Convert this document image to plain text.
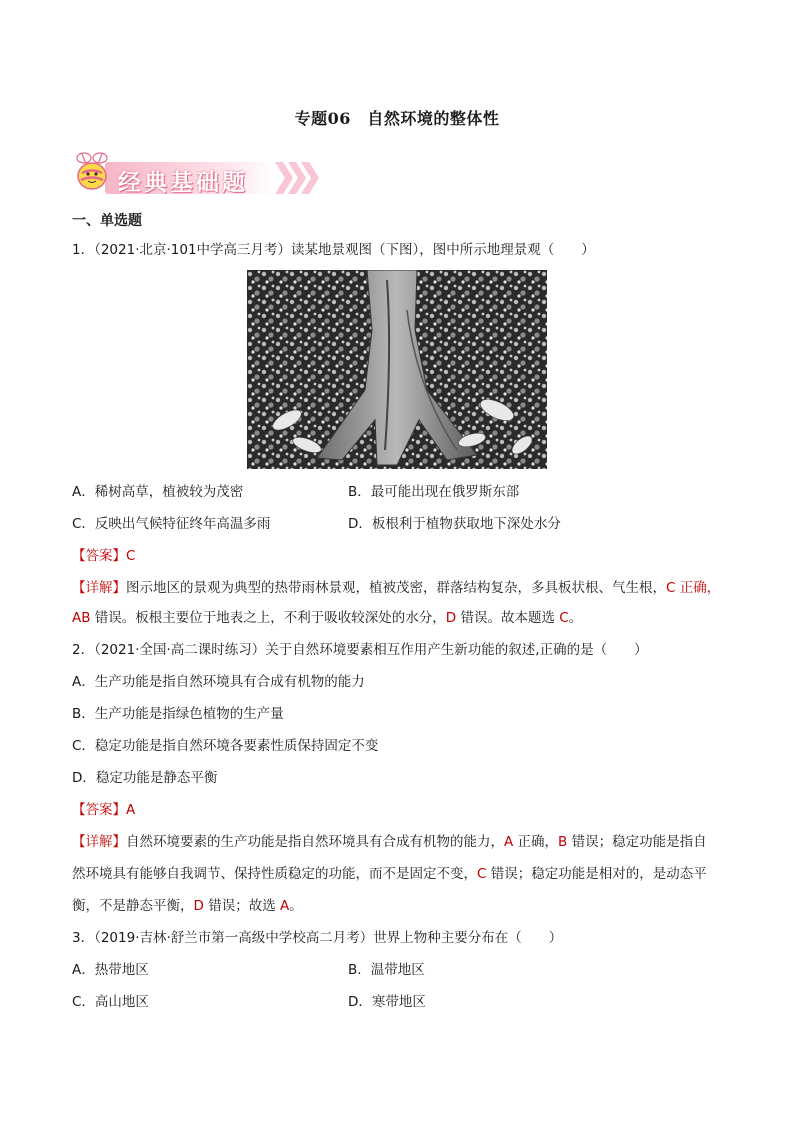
专题06　自然环境的整体性
经典基础题
一、单选题
1．（2021·北京·101中学高三月考）读某地景观图（下图），图中所示地理景观（　　）
A．稀树高草，植被较为茂密	B．最可能出现在俄罗斯东部
C．反映出气候特征终年高温多雨	D．板根利于植物获取地下深处水分
【答案】C
【详解】图示地区的景观为典型的热带雨林景观，植被茂密，群落结构复杂，多具板状根、气生根，C 正确，
AB 错误。板根主要位于地表之上，不利于吸收较深处的水分，D 错误。故本题选 C。
2．（2021·全国·高二课时练习）关于自然环境要素相互作用产生新功能的叙述,正确的是（　　）
A．生产功能是指自然环境具有合成有机物的能力
B．生产功能是指绿色植物的生产量
C．稳定功能是指自然环境各要素性质保持固定不变
D．稳定功能是静态平衡
【答案】A
【详解】自然环境要素的生产功能是指自然环境具有合成有机物的能力，A 正确，B 错误；稳定功能是指自
然环境具有能够自我调节、保持性质稳定的功能，而不是固定不变，C 错误；稳定功能是相对的，是动态平
衡，不是静态平衡，D 错误；故选 A。
3．（2019·吉林·舒兰市第一高级中学校高二月考）世界上物种主要分布在（　　）
A．热带地区	B．温带地区
C．高山地区	D．寒带地区
